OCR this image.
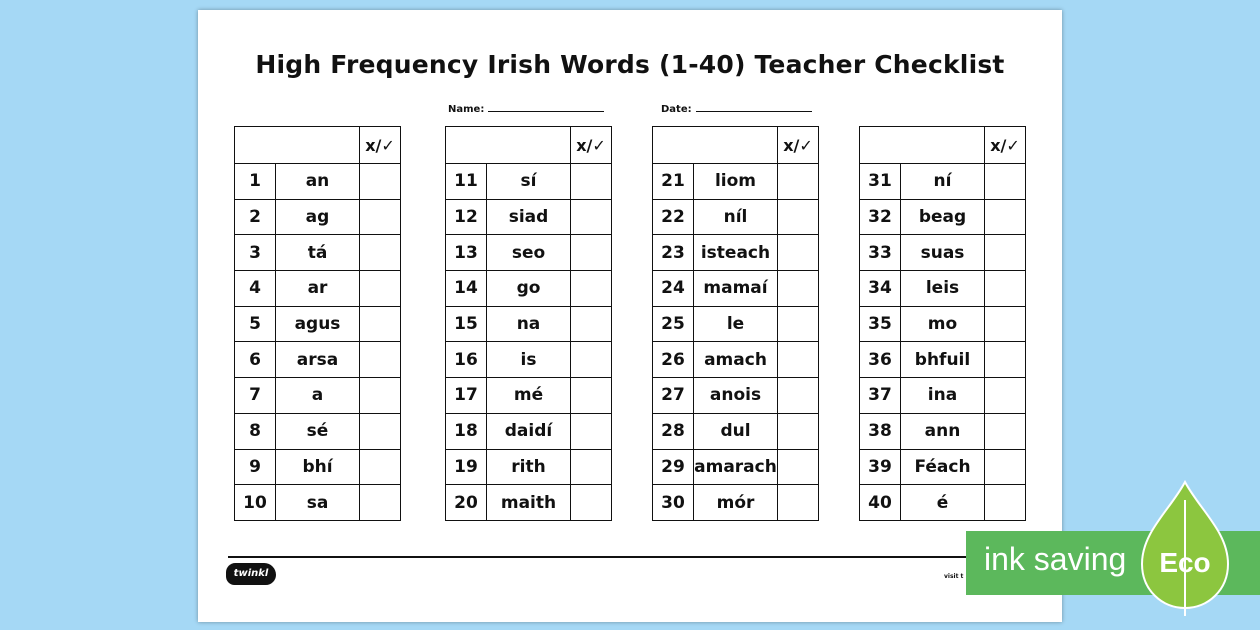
High Frequency Irish Words (1-40) Teacher Checklist
Name:	Date:
		x/✓
1	an	
2	ag	
3	tá	
4	ar	
5	agus	
6	arsa	
7	a	
8	sé	
9	bhí	
10	sa	
		x/✓
11	sí	
12	siad	
13	seo	
14	go	
15	na	
16	is	
17	mé	
18	daidí	
19	rith	
20	maith	
		x/✓
21	liom	
22	níl	
23	isteach	
24	mamaí	
25	le	
26	amach	
27	anois	
28	dul	
29	amarach	
30	mór	
		x/✓
31	ní	
32	beag	
33	suas	
34	leis	
35	mo	
36	bhfuil	
37	ina	
38	ann	
39	Féach	
40	é	
twinkl	visit t ink saving Eco
